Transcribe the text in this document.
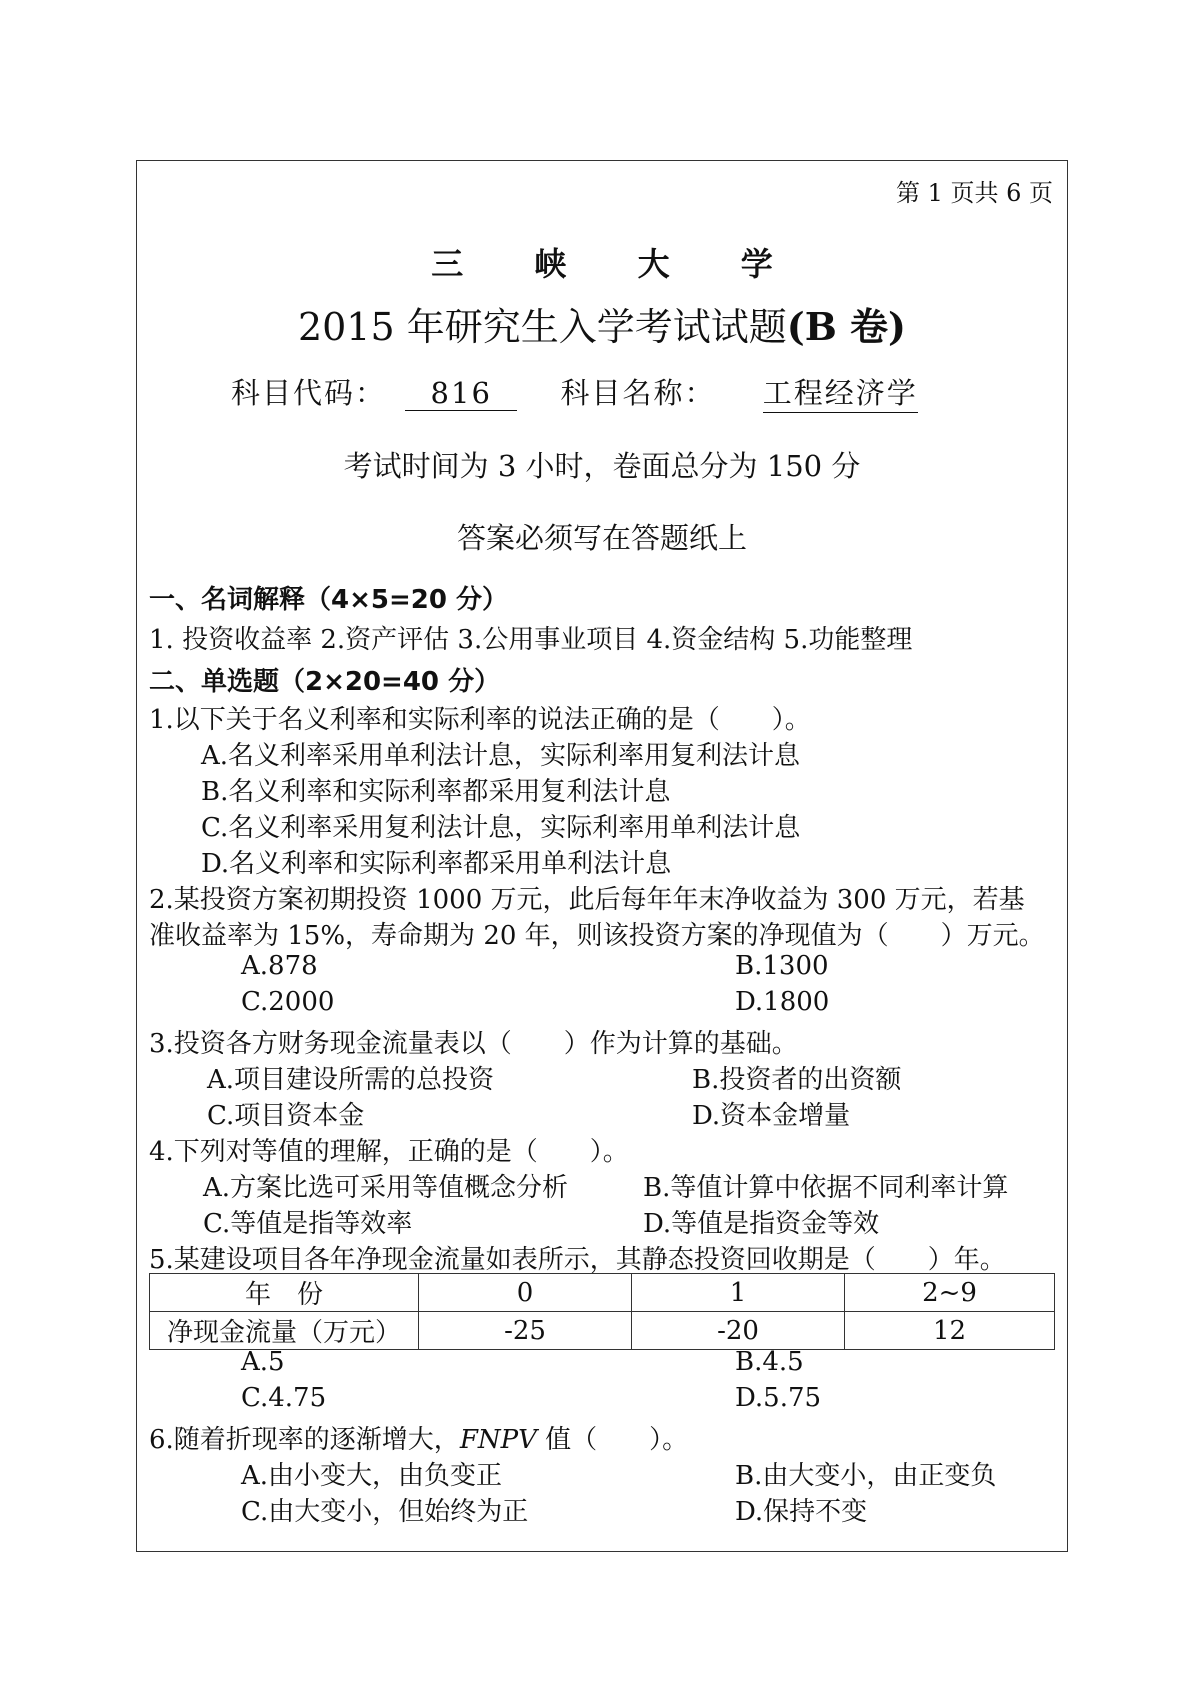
第 1 页共 6 页
三 峡 大 学
2015 年研究生入学考试试题(B 卷)
科目代码： 816 科目名称： 工程经济学
考试时间为 3 小时，卷面总分为 150 分
答案必须写在答题纸上
一、名词解释（4×5=20 分）
1. 投资收益率 2.资产评估 3.公用事业项目 4.资金结构 5.功能整理
二、单选题（2×20=40 分）
1.以下关于名义利率和实际利率的说法正确的是（　　）。
A.名义利率采用单利法计息，实际利率用复利法计息
B.名义利率和实际利率都采用复利法计息
C.名义利率采用复利法计息，实际利率用单利法计息
D.名义利率和实际利率都采用单利法计息
2.某投资方案初期投资 1000 万元，此后每年年末净收益为 300 万元，若基
准收益率为 15%，寿命期为 20 年，则该投资方案的净现值为（　　）万元。
A.878	B.1300
C.2000	D.1800
3.投资各方财务现金流量表以（　　）作为计算的基础。
A.项目建设所需的总投资	B.投资者的出资额
C.项目资本金	D.资本金增量
4.下列对等值的理解，正确的是（　　）。
A.方案比选可采用等值概念分析	B.等值计算中依据不同利率计算
C.等值是指等效率	D.等值是指资金等效
5.某建设项目各年净现金流量如表所示，其静态投资回收期是（　　）年。
年　份	0	1	2~9
净现金流量（万元）	-25	-20	12
A.5	B.4.5
C.4.75	D.5.75
6.随着折现率的逐渐增大，FNPV 值（　　）。
A.由小变大，由负变正	B.由大变小，由正变负
C.由大变小，但始终为正	D.保持不变
